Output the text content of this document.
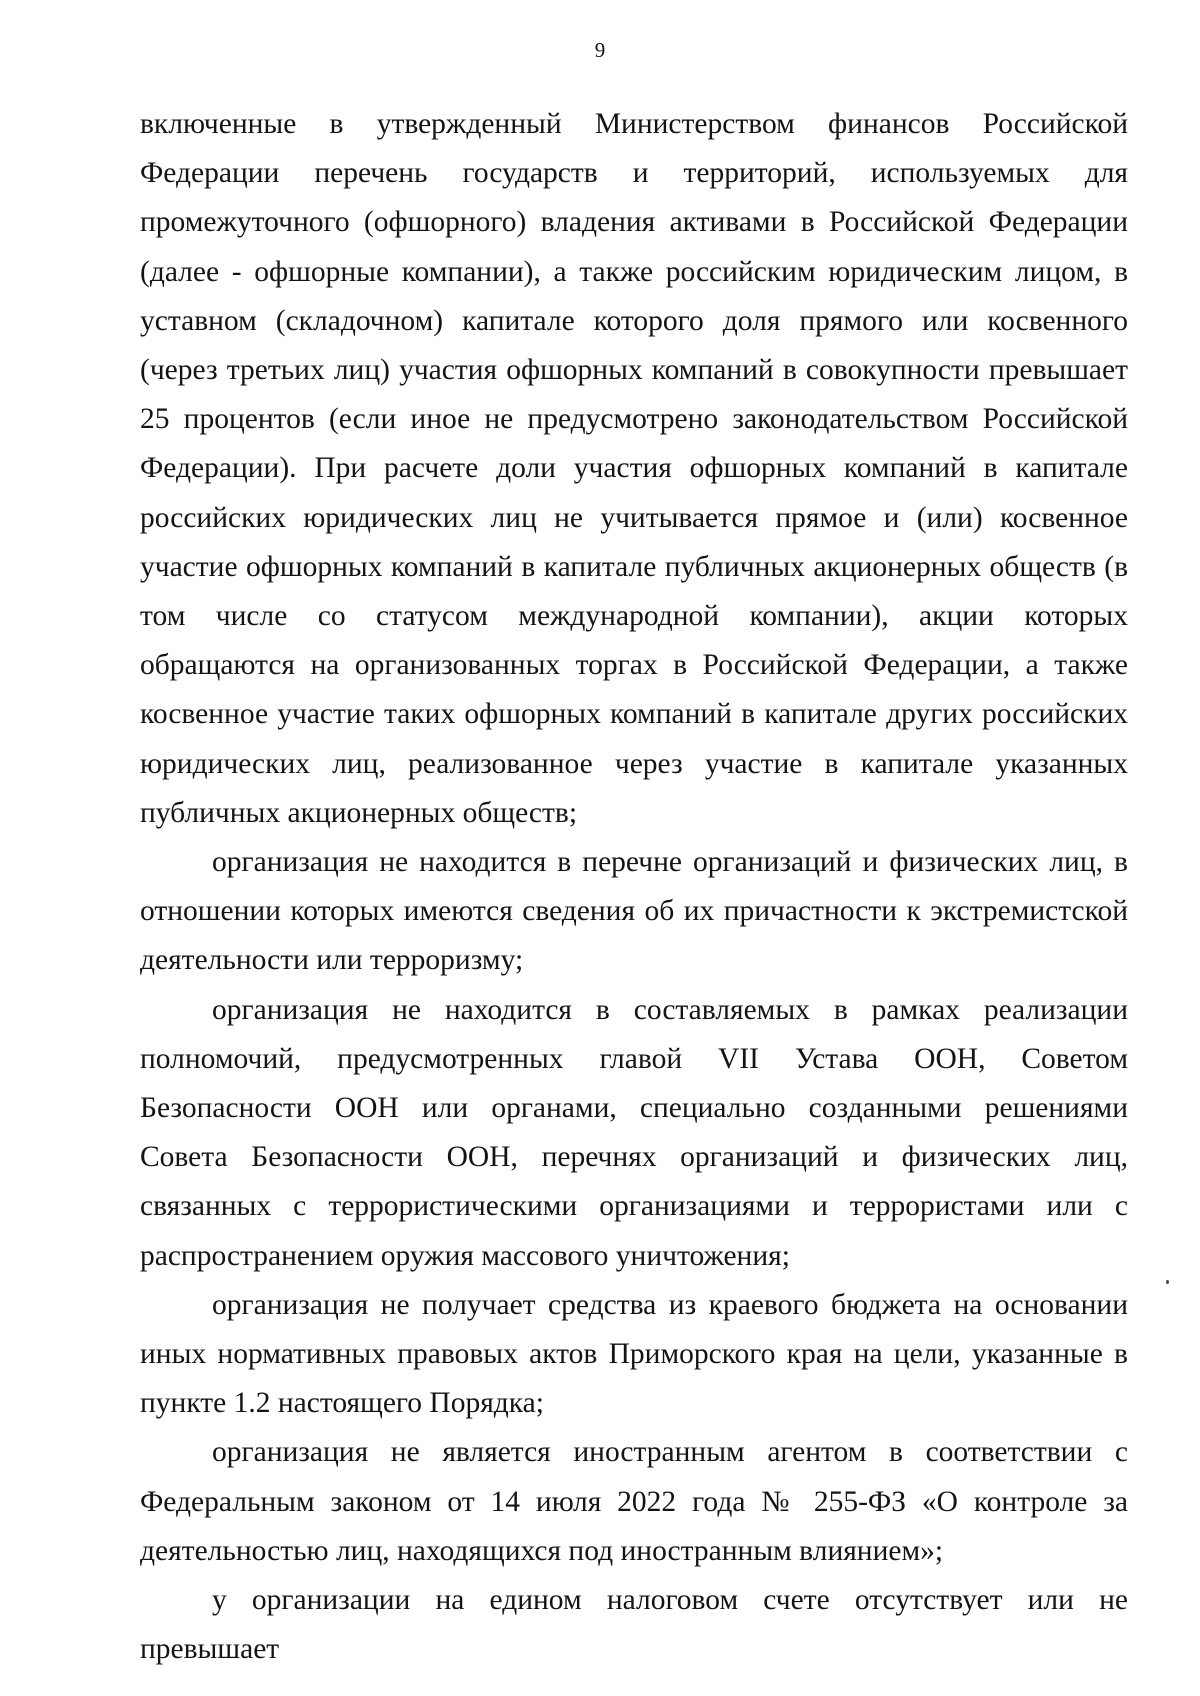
9

включенные в утвержденный Министерством финансов Российской Федерации перечень государств и территорий, используемых для промежуточного (офшорного) владения активами в Российской Федерации (далее - офшорные компании), а также российским юридическим лицом, в уставном (складочном) капитале которого доля прямого или косвенного (через третьих лиц) участия офшорных компаний в совокупности превышает 25 процентов (если иное не предусмотрено законодательством Российской Федерации). При расчете доли участия офшорных компаний в капитале российских юридических лиц не учитывается прямое и (или) косвенное участие офшорных компаний в капитале публичных акционерных обществ (в том числе со статусом международной компании), акции которых обращаются на организованных торгах в Российской Федерации, а также косвенное участие таких офшорных компаний в капитале других российских юридических лиц, реализованное через участие в капитале указанных публичных акционерных обществ;

организация не находится в перечне организаций и физических лиц, в отношении которых имеются сведения об их причастности к экстремистской деятельности или терроризму;

организация не находится в составляемых в рамках реализации полномочий, предусмотренных главой VII Устава ООН, Советом Безопасности ООН или органами, специально созданными решениями Совета Безопасности ООН, перечнях организаций и физических лиц, связанных с террористическими организациями и террористами или с распространением оружия массового уничтожения;

организация не получает средства из краевого бюджета на основании иных нормативных правовых актов Приморского края на цели, указанные в пункте 1.2 настоящего Порядка;

организация не является иностранным агентом в соответствии с Федеральным законом от 14 июля 2022 года № 255-ФЗ «О контроле за деятельностью лиц, находящихся под иностранным влиянием»;

у организации на едином налоговом счете отсутствует или не превышает
